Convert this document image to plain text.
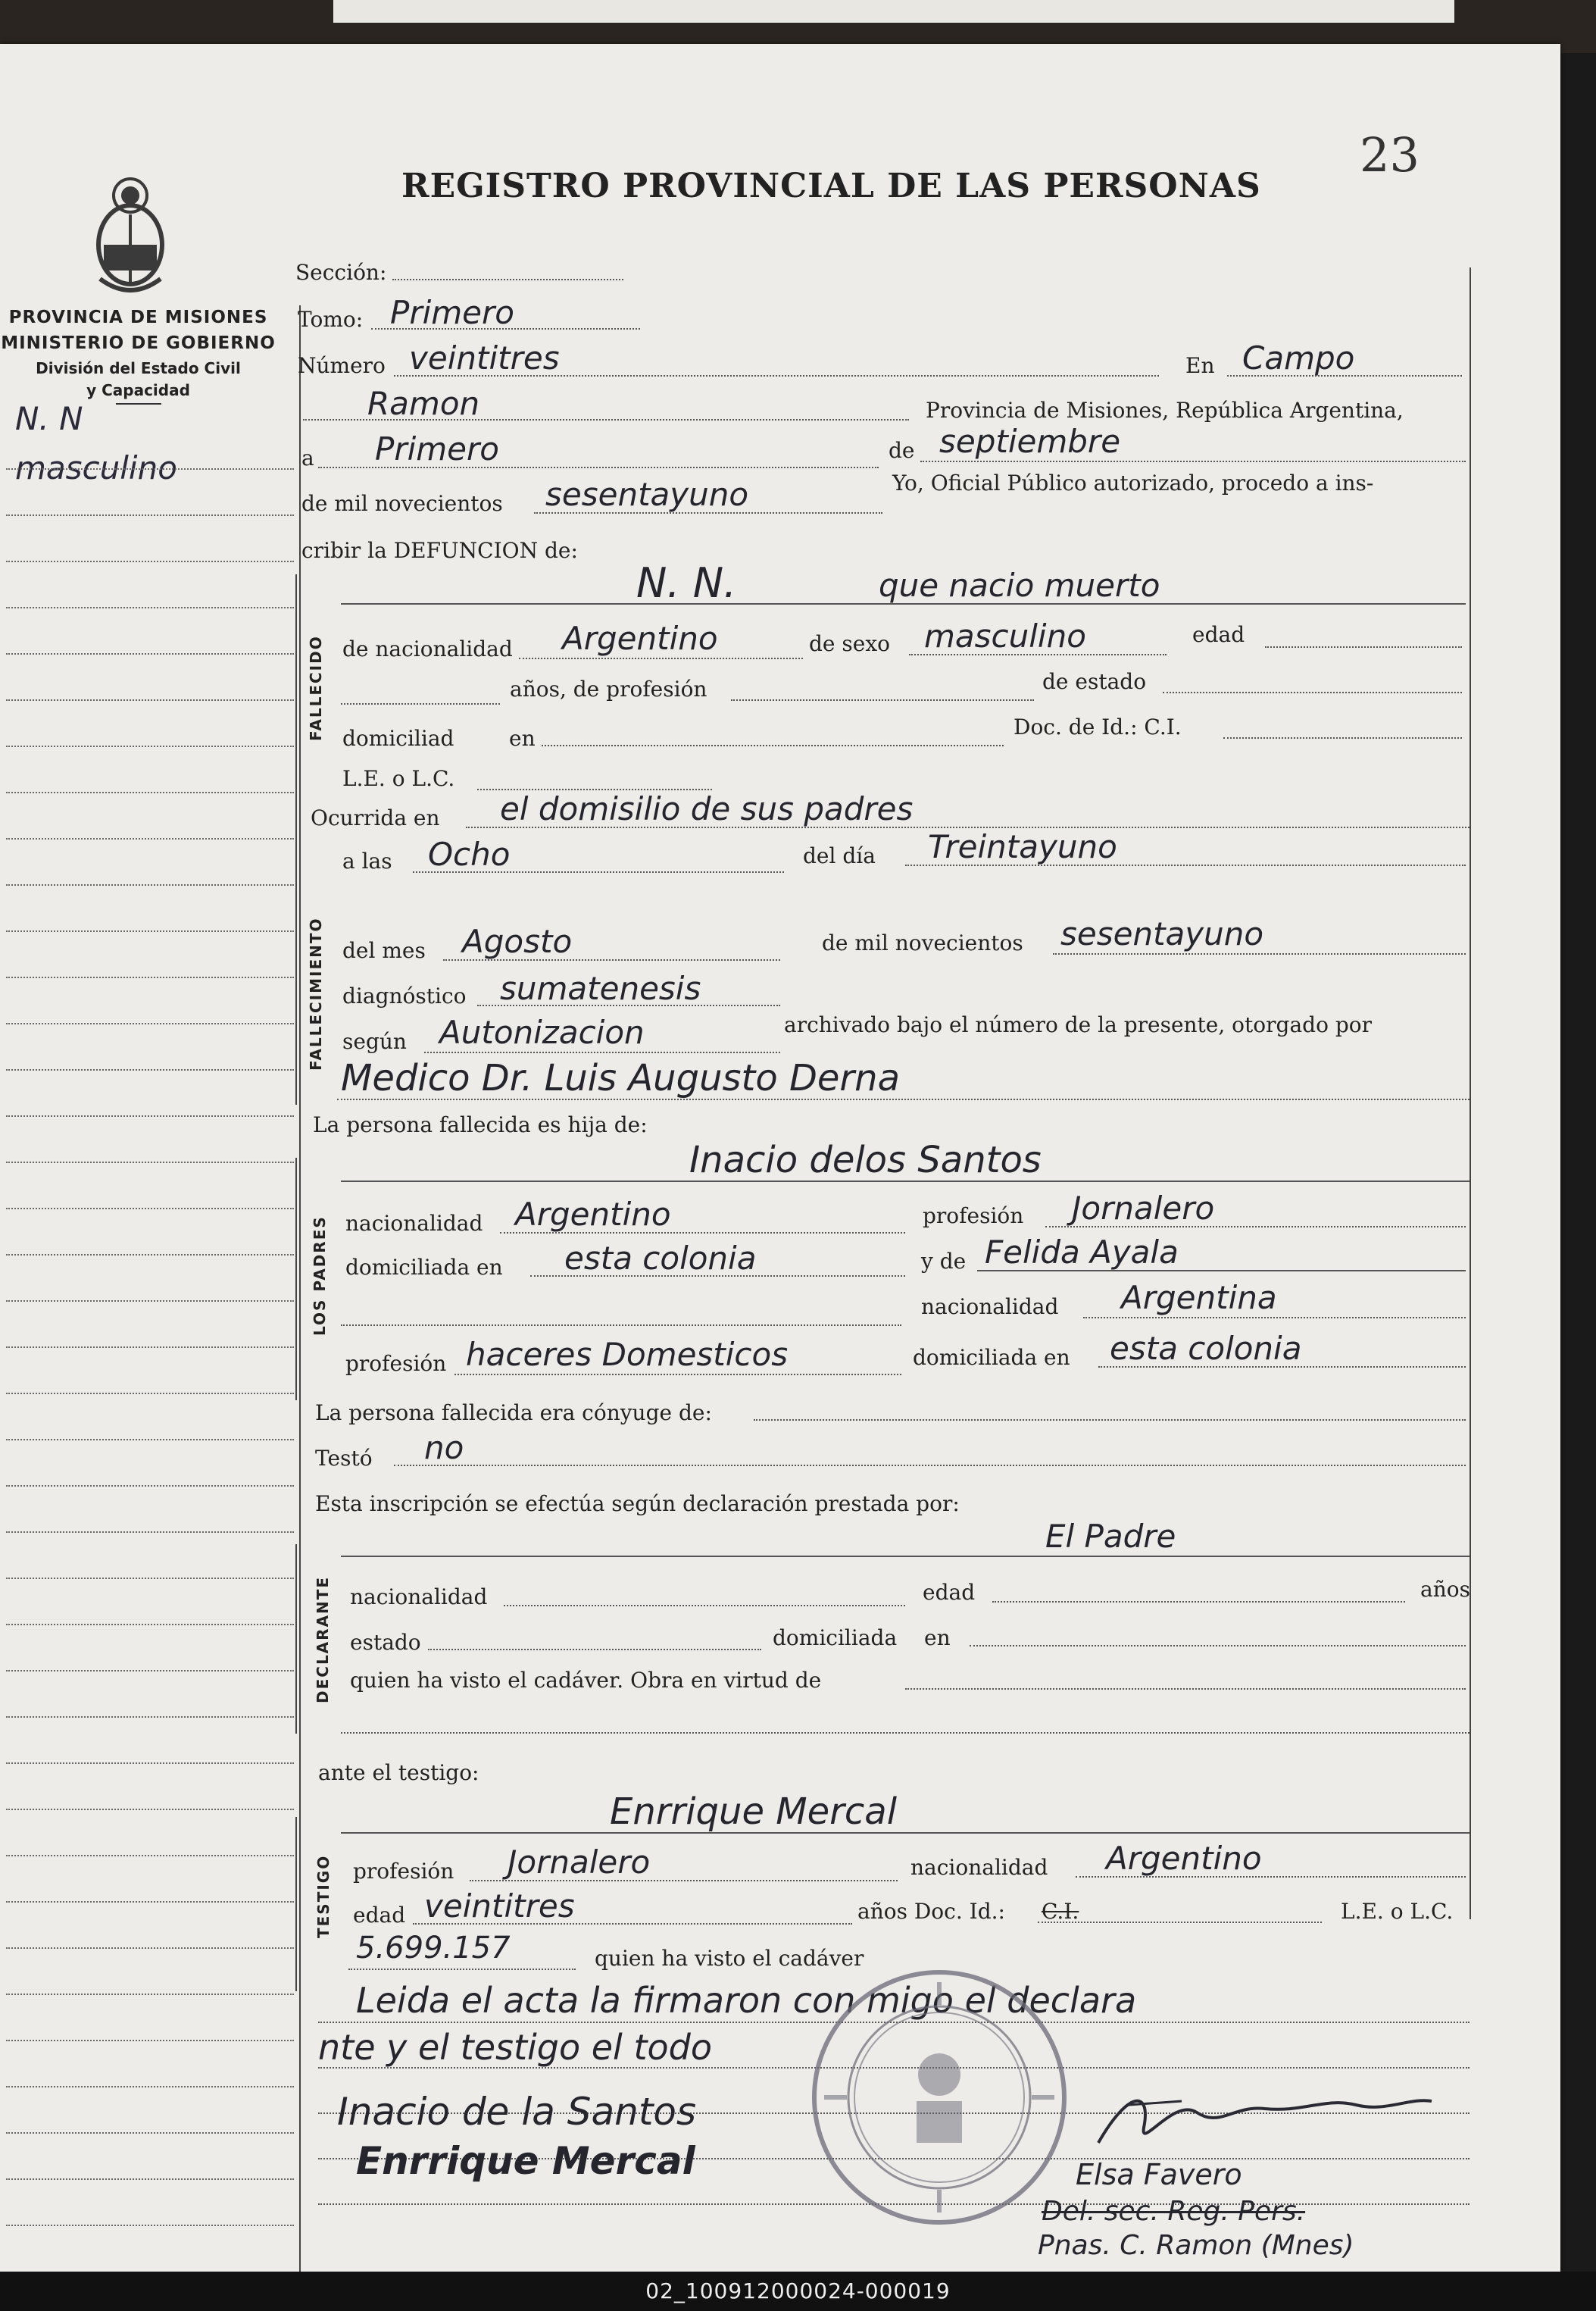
23
REGISTRO PROVINCIAL DE LAS PERSONAS
PROVINCIA DE MISIONES
MINISTERIO DE GOBIERNO
División del Estado Civil
y Capacidad
N. N
masculino
Sección:
Tomo: Primero
Número veintitres	En Campo
Ramon	Provincia de Misiones, República Argentina,
a Primero	de septiembre
de mil novecientos sesentayuno	Yo, Oficial Público autorizado, procedo a ins-
cribir la DEFUNCION de:
FALLECIDO
N. N.	que nacio muerto
de nacionalidad Argentino	de sexo masculino	edad
años, de profesión	de estado
domiciliad	en	Doc. de Id.: C.I.
L.E. o L.C.
Ocurrida en el domisilio de sus padres
FALLECIMIENTO
a las Ocho	del día Treintayuno
del mes Agosto	de mil novecientos sesentayuno
diagnóstico sumatenesis
según Autonizacion	archivado bajo el número de la presente, otorgado por
Medico Dr. Luis Augusto Derna
La persona fallecida es hija de:
LOS PADRES
Inacio delos Santos
nacionalidad Argentino	profesión Jornalero
domiciliada en esta colonia	y de Felida Ayala
nacionalidad Argentina
profesión haceres Domesticos	domiciliada en esta colonia
La persona fallecida era cónyuge de:
Testó no
Esta inscripción se efectúa según declaración prestada por:
DECLARANTE
El Padre
nacionalidad	edad	años
estado	domiciliada en
quien ha visto el cadáver. Obra en virtud de
ante el testigo:
TESTIGO
Enrrique Mercal
profesión Jornalero	nacionalidad Argentino
edad veintitres	años Doc. Id.: C.I.	L.E. o L.C.
5.699.157	quien ha visto el cadáver
Leida el acta la firmaron con migo el declara
nte y el testigo el todo
Inacio de la Santos
Enrrique Mercal	Elsa Favero
Del. sec. Reg. Pers.
Pnas. C. Ramon (Mnes)
02_100912000024-000019
